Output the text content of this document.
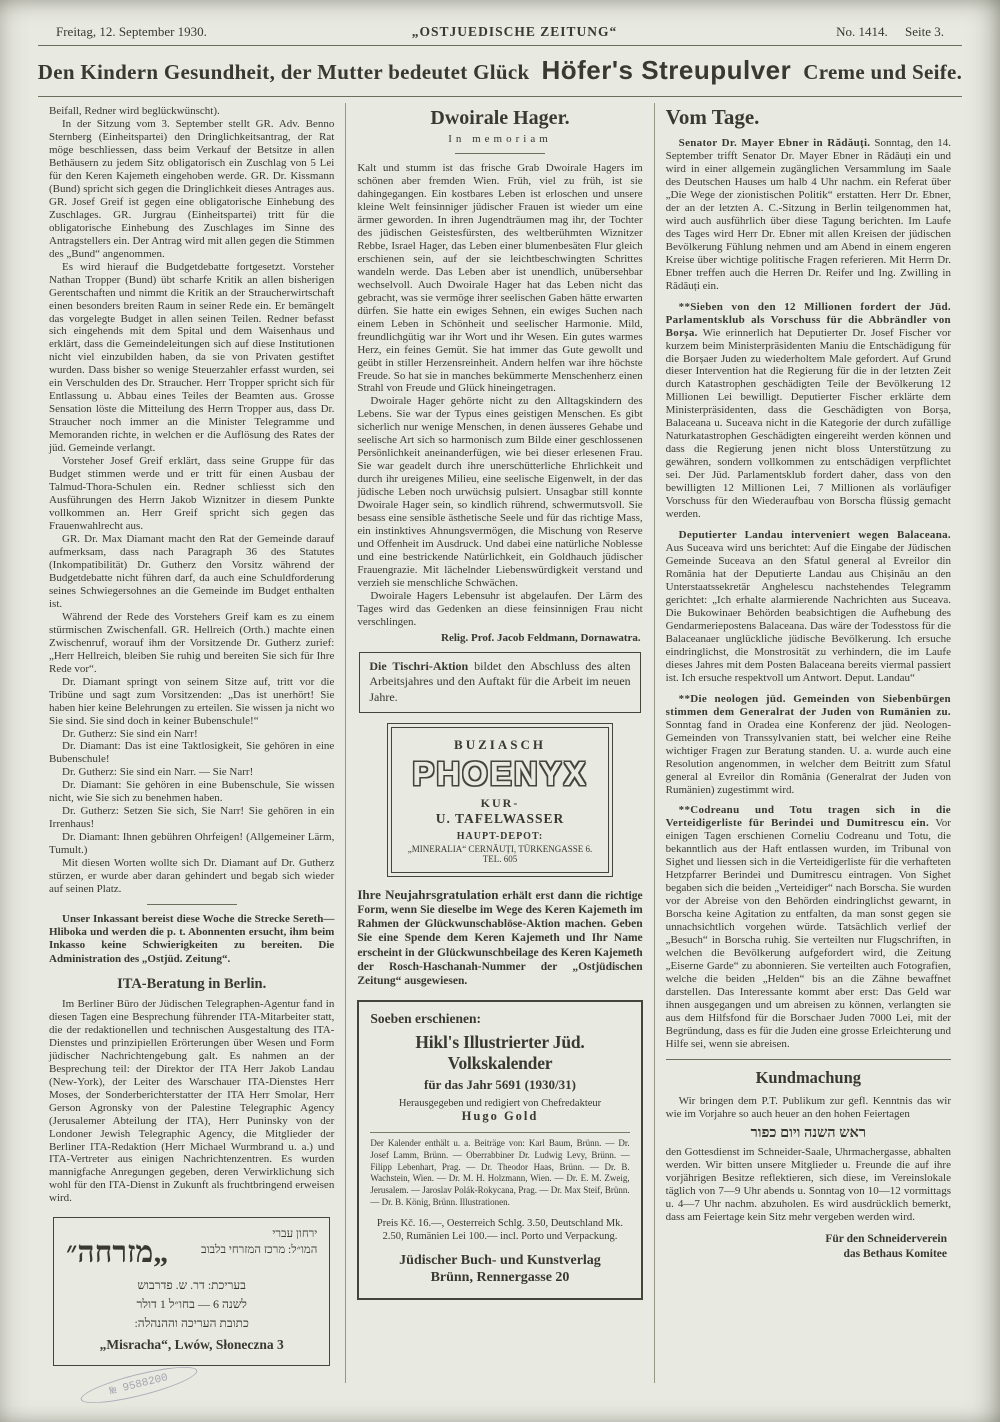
Freitag, 12. September 1930.	„OSTJUEDISCHE ZEITUNG“	No. 1414. Seite 3.
Den Kindern Gesundheit, der Mutter bedeutet Glück Höfer's Streupulver Creme und Seife.

Beifall, Redner wird beglückwünscht).

In der Sitzung vom 3. September stellt GR. Adv. Benno Sternberg (Einheitspartei) den Dringlichkeitsantrag, der Rat möge beschliessen, dass beim Verkauf der Betsitze in allen Bethäusern zu jedem Sitz obligatorisch ein Zuschlag von 5 Lei für den Keren Kajemeth eingehoben werde. GR. Dr. Kissmann (Bund) spricht sich gegen die Dringlichkeit dieses Antrages aus. GR. Josef Greif ist gegen eine obligatorische Einhebung des Zuschlages. GR. Jurgrau (Einheitspartei) tritt für die obligatorische Einhebung des Zuschlages im Sinne des Antragstellers ein. Der Antrag wird mit allen gegen die Stimmen des „Bund“ angenommen.

Es wird hierauf die Budgetdebatte fortgesetzt. Vorsteher Nathan Tropper (Bund) übt scharfe Kritik an allen bisherigen Gerentschaften und nimmt die Kritik an der Straucherwirtschaft einen besonders breiten Raum in seiner Rede ein. Er bemängelt das vorgelegte Budget in allen seinen Teilen. Redner befasst sich eingehends mit dem Spital und dem Waisenhaus und erklärt, dass die Gemeindeleitungen sich auf diese Institutionen nicht viel einzubilden haben, da sie von Privaten gestiftet wurden. Dass bisher so wenige Steuerzahler erfasst wurden, sei ein Verschulden des Dr. Straucher. Herr Tropper spricht sich für Entlassung u. Abbau eines Teiles der Beamten aus. Grosse Sensation löste die Mitteilung des Herrn Tropper aus, dass Dr. Straucher noch immer an die Minister Telegramme und Memoranden richte, in welchen er die Auflösung des Rates der jüd. Gemeinde verlangt.

Vorsteher Josef Greif erklärt, dass seine Gruppe für das Budget stimmen werde und er tritt für einen Ausbau der Talmud-Thora-Schulen ein. Redner schliesst sich den Ausführungen des Herrn Jakob Wiznitzer in diesem Punkte vollkommen an. Herr Greif spricht sich gegen das Frauenwahlrecht aus.

GR. Dr. Max Diamant macht den Rat der Gemeinde darauf aufmerksam, dass nach Paragraph 36 des Statutes (Inkompatibilität) Dr. Gutherz den Vorsitz während der Budgetdebatte nicht führen darf, da auch eine Schuldforderung seines Schwiegersohnes an die Gemeinde im Budget enthalten ist.

Während der Rede des Vorstehers Greif kam es zu einem stürmischen Zwischenfall. GR. Hellreich (Orth.) machte einen Zwischenruf, worauf ihm der Vorsitzende Dr. Gutherz zurief: „Herr Hellreich, bleiben Sie ruhig und bereiten Sie sich für Ihre Rede vor“.

Dr. Diamant springt von seinem Sitze auf, tritt vor die Tribüne und sagt zum Vorsitzenden: „Das ist unerhört! Sie haben hier keine Belehrungen zu erteilen. Sie wissen ja nicht wo Sie sind. Sie sind doch in keiner Bubenschule!“

Dr. Gutherz: Sie sind ein Narr!

Dr. Diamant: Das ist eine Taktlosigkeit, Sie gehören in eine Bubenschule!

Dr. Gutherz: Sie sind ein Narr. — Sie Narr!

Dr. Diamant: Sie gehören in eine Bubenschule, Sie wissen nicht, wie Sie sich zu benehmen haben.

Dr. Gutherz: Setzen Sie sich, Sie Narr! Sie gehören in ein Irrenhaus!

Dr. Diamant: Ihnen gebühren Ohrfeigen! (Allgemeiner Lärm, Tumult.)

Mit diesen Worten wollte sich Dr. Diamant auf Dr. Gutherz stürzen, er wurde aber daran gehindert und begab sich wieder auf seinen Platz.

Unser Inkassant bereist diese Woche die Strecke Sereth—Hliboka und werden die p. t. Abonnenten ersucht, ihm beim Inkasso keine Schwierigkeiten zu bereiten. Die Administration des „Ostjüd. Zeitung“.

ITA-Beratung in Berlin.

Im Berliner Büro der Jüdischen Telegraphen-Agentur fand in diesen Tagen eine Besprechung führender ITA-Mitarbeiter statt, die der redaktionellen und technischen Ausgestaltung des ITA-Dienstes und prinzipiellen Erörterungen über Wesen und Form jüdischer Nachrichtengebung galt. Es nahmen an der Besprechung teil: der Direktor der ITA Herr Jakob Landau (New-York), der Leiter des Warschauer ITA-Dienstes Herr Moses, der Sonderberichterstatter der ITA Herr Smolar, Herr Gerson Agronsky von der Palestine Telegraphic Agency (Jerusalemer Abteilung der ITA), Herr Puninsky von der Londoner Jewish Telegraphic Agency, die Mitglieder der Berliner ITA-Redaktion (Herr Michael Wurmbrand u. a.) und ITA-Vertreter aus einigen Nachrichtenzentren. Es wurden mannigfache Anregungen gegeben, deren Verwirklichung sich wohl für den ITA-Dienst in Zukunft als fruchtbringend erweisen wird.

ירחון עברי
המו״ל: מרכז המזרחי בלבוב
„מזרחה״
בעריכת: דר. ש. פדרבוש
לשנה 6 — בחו״ל 1 דולר
כתובת העריכה וההנהלה:
„Misracha“, Lwów, Słoneczna 3
№ 9588200
Dwoirale Hager.
In memoriam

Kalt und stumm ist das frische Grab Dwoirale Hagers im schönen aber fremden Wien. Früh, viel zu früh, ist sie dahingegangen. Ein kostbares Leben ist erloschen und unsere kleine Welt feinsinniger jüdischer Frauen ist wieder um eine ärmer geworden. In ihren Jugendträumen mag ihr, der Tochter des jüdischen Geistesfürsten, des weltberühmten Wiznitzer Rebbe, Israel Hager, das Leben einer blumenbesäten Flur gleich erschienen sein, auf der sie leichtbeschwingten Schrittes wandeln werde. Das Leben aber ist unendlich, unübersehbar wechselvoll. Auch Dwoirale Hager hat das Leben nicht das gebracht, was sie vermöge ihrer seelischen Gaben hätte erwarten dürfen. Sie hatte ein ewiges Sehnen, ein ewiges Suchen nach einem Leben in Schönheit und seelischer Harmonie. Mild, freundlichgütig war ihr Wort und ihr Wesen. Ein gutes warmes Herz, ein feines Gemüt. Sie hat immer das Gute gewollt und geübt in stiller Herzensreinheit. Andern helfen war ihre höchste Freude. So hat sie in manches bekümmerte Menschenherz einen Strahl von Freude und Glück hineingetragen.

Dwoirale Hager gehörte nicht zu den Alltagskindern des Lebens. Sie war der Typus eines geistigen Menschen. Es gibt sicherlich nur wenige Menschen, in denen äusseres Gehabe und seelische Art sich so harmonisch zum Bilde einer geschlossenen Persönlichkeit aneinanderfügen, wie bei dieser erlesenen Frau. Sie war geadelt durch ihre unerschütterliche Ehrlichkeit und durch ihr ureigenes Milieu, eine seelische Eigenwelt, in der das jüdische Leben noch urwüchsig pulsiert. Unsagbar still konnte Dwoirale Hager sein, so kindlich rührend, schwermutsvoll. Sie besass eine sensible ästhetische Seele und für das richtige Mass, ein instinktives Ahnungsvermögen, die Mischung von Reserve und Offenheit im Ausdruck. Und dabei eine natürliche Noblesse und eine bestrickende Natürlichkeit, ein Goldhauch jüdischer Frauengrazie. Mit lächelnder Liebenswürdigkeit verstand und verzieh sie menschliche Schwächen.

Dwoirale Hagers Lebensuhr ist abgelaufen. Der Lärm des Tages wird das Gedenken an diese feinsinnigen Frau nicht verschlingen.

Relig. Prof. Jacob Feldmann, Dornawatra.

Die Tischri-Aktion bildet den Abschluss des alten Arbeitsjahres und den Auftakt für die Arbeit im neuen Jahre.
BUZIASCH
PHOENYX
KUR-
U. TAFELWASSER
HAUPT-DEPOT:
„MINERALIA“ CERNĂUȚI, TÜRKENGASSE 6.
TEL. 605

Ihre Neujahrsgratulation erhält erst dann die richtige Form, wenn Sie dieselbe im Wege des Keren Kajemeth im Rahmen der Glückwunschablöse-Aktion machen. Geben Sie eine Spende dem Keren Kajemeth und Ihr Name erscheint in der Glückwunschbeilage des Keren Kajemeth der Rosch-Haschanah-Nummer der „Ostjüdischen Zeitung“ ausgewiesen.

Soeben erschienen:
Hikl's Illustrierter Jüd. Volkskalender
für das Jahr 5691 (1930/31)
Herausgegeben und redigiert von Chefredakteur
Hugo Gold
Der Kalender enthält u. a. Beiträge von: Karl Baum, Brünn. — Dr. Josef Lamm, Brünn. — Oberrabbiner Dr. Ludwig Levy, Brünn. — Filipp Lebenhart, Prag. — Dr. Theodor Haas, Brünn. — Dr. B. Wachstein, Wien. — Dr. M. H. Holzmann, Wien. — Dr. E. M. Zweig, Jerusalem. — Jaroslav Polák-Rokycana, Prag. — Dr. Max Steif, Brünn. — Dr. B. König, Brünn. Illustrationen.
Preis Kč. 16.—, Oesterreich Schlg. 3.50, Deutschland Mk. 2.50, Rumänien Lei 100.— incl. Porto und Verpackung.
Jüdischer Buch- und Kunstverlag
Brünn, Rennergasse 20
Vom Tage.

Senator Dr. Mayer Ebner in Rădăuți. Sonntag, den 14. September trifft Senator Dr. Mayer Ebner in Rădăuți ein und wird in einer allgemein zugänglichen Versammlung im Saale des Deutschen Hauses um halb 4 Uhr nachm. ein Referat über „Die Wege der zionistischen Politik“ erstatten. Herr Dr. Ebner, der an der letzten A. C.-Sitzung in Berlin teilgenommen hat, wird auch ausführlich über diese Tagung berichten. Im Laufe des Tages wird Herr Dr. Ebner mit allen Kreisen der jüdischen Bevölkerung Fühlung nehmen und am Abend in einem engeren Kreise über wichtige politische Fragen referieren. Mit Herrn Dr. Ebner treffen auch die Herren Dr. Reifer und Ing. Zwilling in Rădăuți ein.

**Sieben von den 12 Millionen fordert der Jüd. Parlamentsklub als Vorschuss für die Abbrändler von Borșa. Wie erinnerlich hat Deputierter Dr. Josef Fischer vor kurzem beim Ministerpräsidenten Maniu die Entschädigung für die Borșaer Juden zu wiederholtem Male gefordert. Auf Grund dieser Intervention hat die Regierung für die in der letzten Zeit durch Katastrophen geschädigten Teile der Bevölkerung 12 Millionen Lei bewilligt. Deputierter Fischer erklärte dem Ministerpräsidenten, dass die Geschädigten von Borșa, Balaceana u. Suceava nicht in die Kategorie der durch zufällige Naturkatastrophen Geschädigten eingereiht werden können und dass die Regierung jenen nicht bloss Unterstützung zu gewähren, sondern vollkommen zu entschädigen verpflichtet sei. Der Jüd. Parlamentsklub fordert daher, dass von den bewilligten 12 Millionen Lei, 7 Millionen als vorläufiger Vorschuss für den Wiederaufbau von Borscha flüssig gemacht werden.

Deputierter Landau interveniert wegen Balaceana. Aus Suceava wird uns berichtet: Auf die Eingabe der Jüdischen Gemeinde Suceava an den Sfatul general al Evreilor din România hat der Deputierte Landau aus Chișinău an den Unterstaatssekretär Anghelescu nachstehendes Telegramm gerichtet: „Ich erhalte alarmierende Nachrichten aus Suceava. Die Bukowinaer Behörden beabsichtigen die Aufhebung des Gendarmeriepostens Balaceana. Das wäre der Todesstoss für die Balaceanaer unglückliche jüdische Bevölkerung. Ich ersuche eindringlichst, die Monstrosität zu verhindern, die im Laufe dieses Jahres mit dem Posten Balaceana bereits viermal passiert ist. Ich ersuche respektvoll um Antwort. Deput. Landau“

**Die neologen jüd. Gemeinden von Siebenbürgen stimmen dem Generalrat der Juden von Rumänien zu. Sonntag fand in Oradea eine Konferenz der jüd. Neologen-Gemeinden von Transsylvanien statt, bei welcher eine Reihe wichtiger Fragen zur Beratung standen. U. a. wurde auch eine Resolution angenommen, in welcher dem Beitritt zum Sfatul general al Evreilor din România (Generalrat der Juden von Rumänien) zugestimmt wird.

**Codreanu und Totu tragen sich in die Verteidigerliste für Berindei und Dumitrescu ein. Vor einigen Tagen erschienen Corneliu Codreanu und Totu, die bekanntlich aus der Haft entlassen wurden, im Tribunal von Sighet und liessen sich in die Verteidigerliste für die verhafteten Hetzpfarrer Berindei und Dumitrescu eintragen. Von Sighet begaben sich die beiden „Verteidiger“ nach Borscha. Sie wurden vor der Abreise von den Behörden eindringlichst gewarnt, in Borscha keine Agitation zu entfalten, da man sonst gegen sie unnachsichtlich vorgehen würde. Tatsächlich verlief der „Besuch“ in Borscha ruhig. Sie verteilten nur Flugschriften, in welchen die Bevölkerung aufgefordert wird, die Zeitung „Eiserne Garde“ zu abonnieren. Sie verteilten auch Fotografien, welche die beiden „Helden“ bis an die Zähne bewaffnet darstellen. Das Interessante kommt aber erst: Das Geld war ihnen ausgegangen und um abreisen zu können, verlangten sie aus dem Hilfsfond für die Borschaer Juden 7000 Lei, mit der Begründung, dass es für die Juden eine grosse Erleichterung und Hilfe sei, wenn sie abreisen.

Kundmachung

Wir bringen dem P.T. Publikum zur gefl. Kenntnis das wir wie im Vorjahre so auch heuer an den hohen Feiertagen

ראש השנה ויום כפור

den Gottesdienst im Schneider-Saale, Uhrmachergasse, abhalten werden. Wir bitten unsere Mitglieder u. Freunde die auf ihre vorjährigen Besitze reflektieren, sich diese, im Vereinslokale täglich von 7—9 Uhr abends u. Sonntag von 10—12 vormittags u. 4—7 Uhr nachm. abzuholen. Es wird ausdrücklich bemerkt, dass am Feiertage kein Sitz mehr vergeben werden wird.

Für den Schneiderverein
das Bethaus Komitee
